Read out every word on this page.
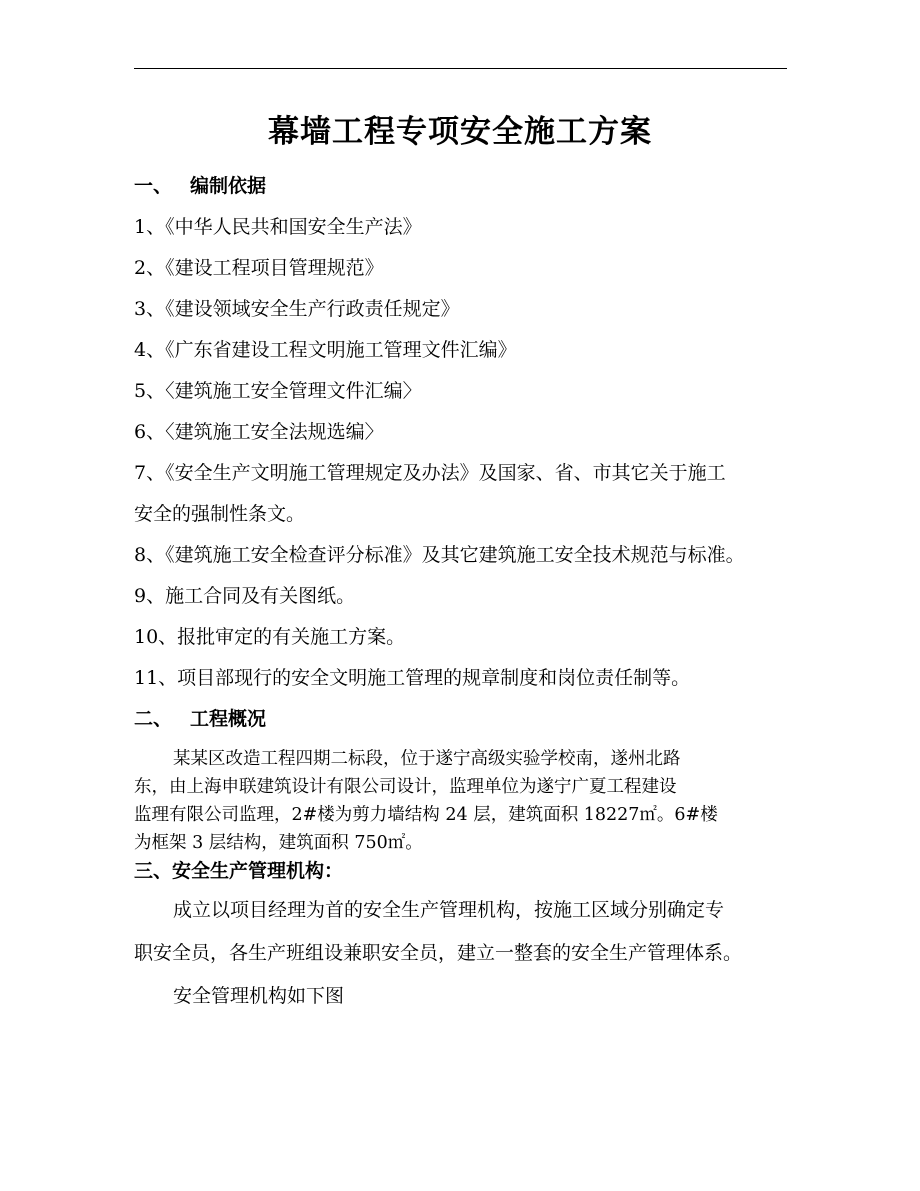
幕墙工程专项安全施工方案
一、 编制依据
1、《中华人民共和国安全生产法》
2、《建设工程项目管理规范》
3、《建设领域安全生产行政责任规定》
4、《广东省建设工程文明施工管理文件汇编》
5、〈建筑施工安全管理文件汇编〉
6、〈建筑施工安全法规选编〉
7、《安全生产文明施工管理规定及办法》及国家、省、市其它关于施工
安全的强制性条文。
8、《建筑施工安全检查评分标准》及其它建筑施工安全技术规范与标准。
9、施工合同及有关图纸。
10、报批审定的有关施工方案。
11、项目部现行的安全文明施工管理的规章制度和岗位责任制等。
二、 工程概况
某某区改造工程四期二标段，位于遂宁高级实验学校南，遂州北路
东，由上海申联建筑设计有限公司设计，监理单位为遂宁广夏工程建设
监理有限公司监理，2#楼为剪力墙结构 24 层，建筑面积 18227㎡。6#楼
为框架 3 层结构，建筑面积 750㎡。
三、安全生产管理机构：
成立以项目经理为首的安全生产管理机构，按施工区域分别确定专
职安全员，各生产班组设兼职安全员，建立一整套的安全生产管理体系。
安全管理机构如下图
